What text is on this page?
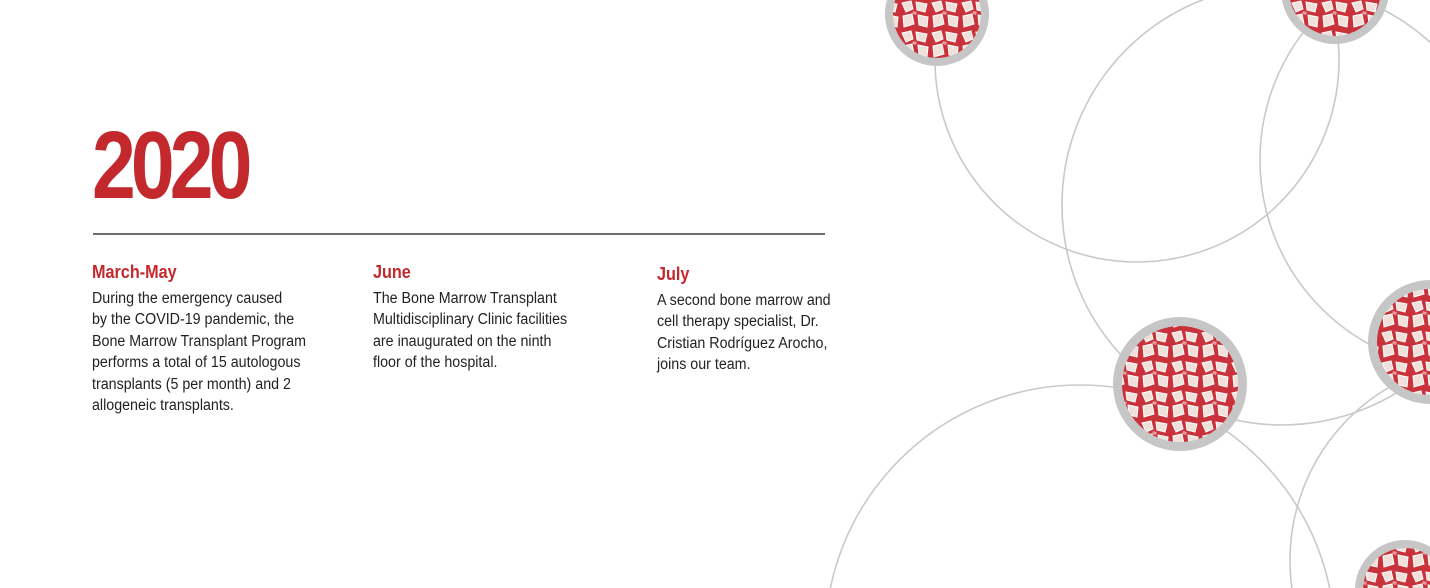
2020
March-May

During the emergency caused
by the COVID-19 pandemic, the
Bone Marrow Transplant Program
performs a total of 15 autologous
transplants (5 per month) and 2
allogeneic transplants.

June

The Bone Marrow Transplant
Multidisciplinary Clinic facilities
are inaugurated on the ninth
floor of the hospital.

July

A second bone marrow and
cell therapy specialist, Dr.
Cristian Rodríguez Arocho,
joins our team.
